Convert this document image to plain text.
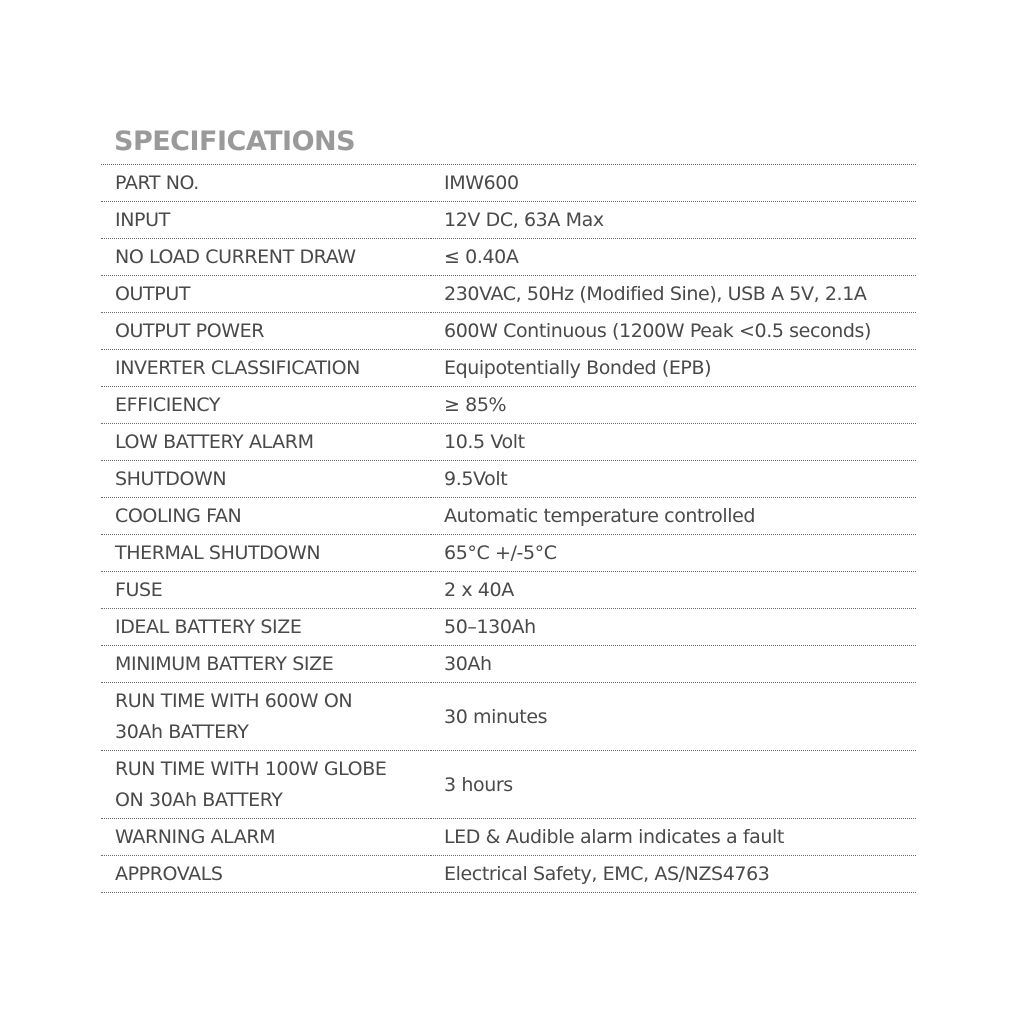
SPECIFICATIONS
PART NO.	IMW600
INPUT	12V DC, 63A Max
NO LOAD CURRENT DRAW	≤ 0.40A
OUTPUT	230VAC, 50Hz (Modified Sine), USB A 5V, 2.1A
OUTPUT POWER	600W Continuous (1200W Peak <0.5 seconds)
INVERTER CLASSIFICATION	Equipotentially Bonded (EPB)
EFFICIENCY	≥ 85%
LOW BATTERY ALARM	10.5 Volt
SHUTDOWN	9.5Volt
COOLING FAN	Automatic temperature controlled
THERMAL SHUTDOWN	65°C +/-5°C
FUSE	2 x 40A
IDEAL BATTERY SIZE	50–130Ah
MINIMUM BATTERY SIZE	30Ah

RUN TIME WITH 600W ON
30Ah BATTERY	30 minutes

RUN TIME WITH 100W GLOBE
ON 30Ah BATTERY	3 hours
WARNING ALARM	LED & Audible alarm indicates a fault
APPROVALS	Electrical Safety, EMC, AS/NZS4763
